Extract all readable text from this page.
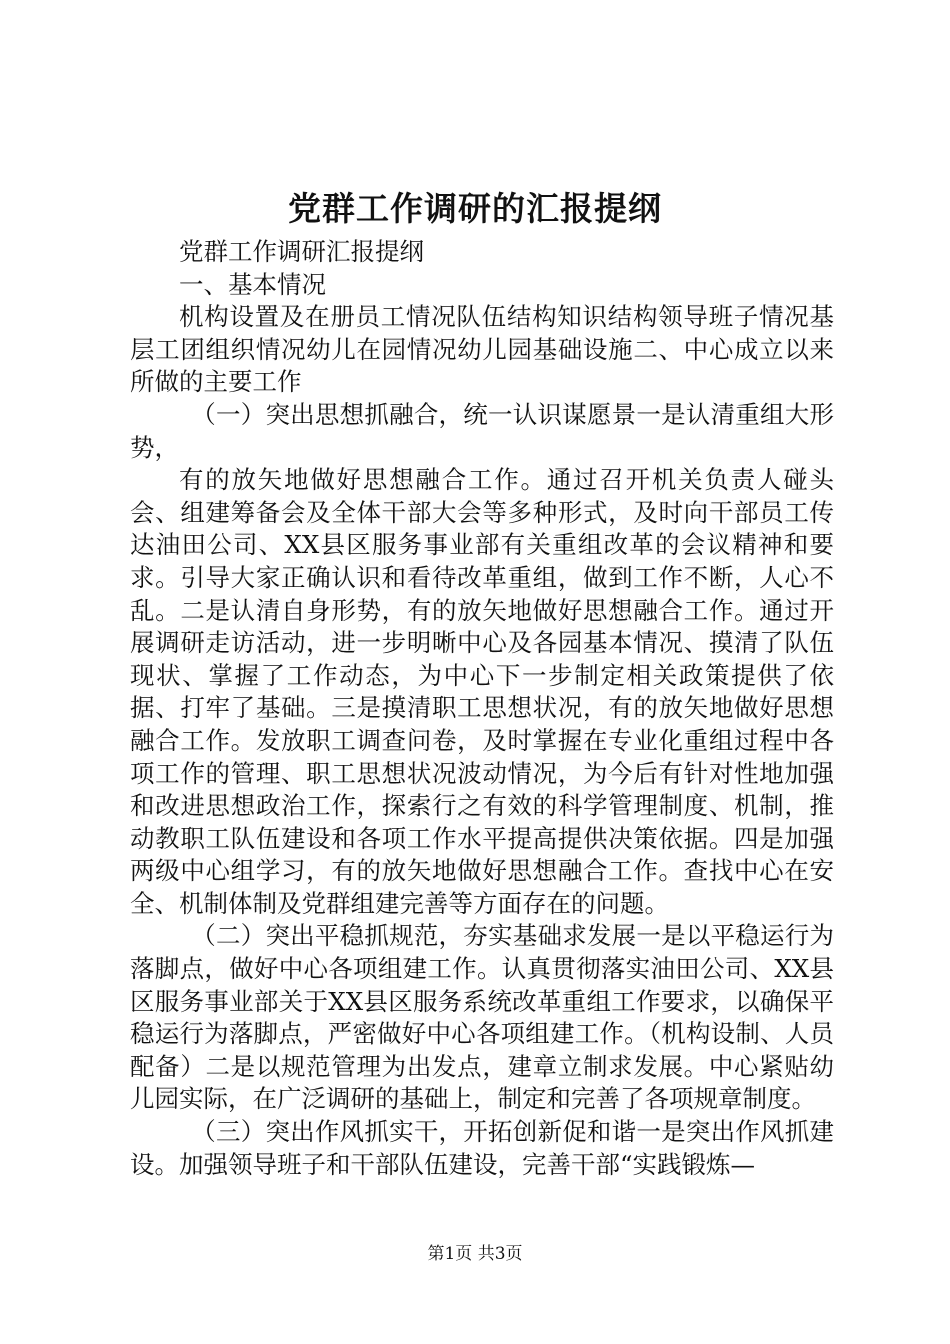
党群工作调研的汇报提纲

党群工作调研汇报提纲

一、基本情况

机构设置及在册员工情况队伍结构知识结构领导班子情况基层工团组织情况幼儿在园情况幼儿园基础设施二、中心成立以来所做的主要工作

（一）突出思想抓融合，统一认识谋愿景一是认清重组大形势，

有的放矢地做好思想融合工作。通过召开机关负责人碰头会、组建筹备会及全体干部大会等多种形式，及时向干部员工传达油田公司、XX县区服务事业部有关重组改革的会议精神和要求。引导大家正确认识和看待改革重组，做到工作不断，人心不乱。二是认清自身形势，有的放矢地做好思想融合工作。通过开展调研走访活动，进一步明晰中心及各园基本情况、摸清了队伍现状、掌握了工作动态，为中心下一步制定相关政策提供了依据、打牢了基础。三是摸清职工思想状况，有的放矢地做好思想融合工作。发放职工调查问卷，及时掌握在专业化重组过程中各项工作的管理、职工思想状况波动情况，为今后有针对性地加强和改进思想政治工作，探索行之有效的科学管理制度、机制，推动教职工队伍建设和各项工作水平提高提供决策依据。四是加强两级中心组学习，有的放矢地做好思想融合工作。查找中心在安全、机制体制及党群组建完善等方面存在的问题。

（二）突出平稳抓规范，夯实基础求发展一是以平稳运行为落脚点，做好中心各项组建工作。认真贯彻落实油田公司、XX县区服务事业部关于XX县区服务系统改革重组工作要求，以确保平稳运行为落脚点，严密做好中心各项组建工作。（机构设制、人员配备）二是以规范管理为出发点，建章立制求发展。中心紧贴幼儿园实际，在广泛调研的基础上，制定和完善了各项规章制度。

（三）突出作风抓实干，开拓创新促和谐一是突出作风抓建设。加强领导班子和干部队伍建设，完善干部“实践锻炼—

第1页 共3页
